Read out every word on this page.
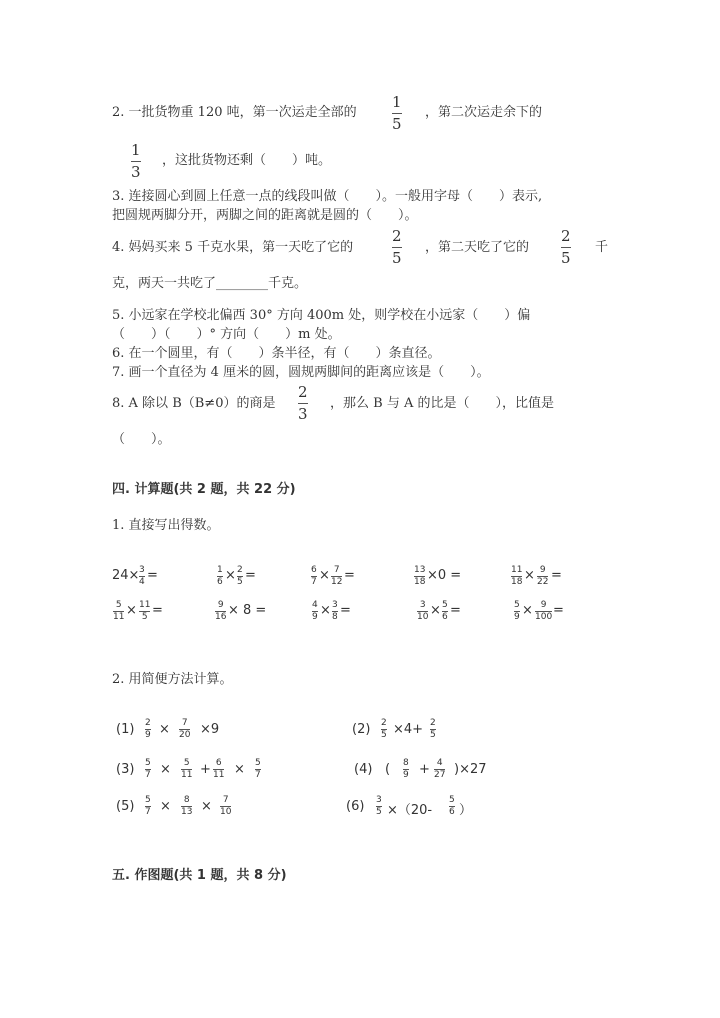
2. 一批货物重 120 吨，第一次运走全部的
1
5
，第二次运走余下的
1
3
，这批货物还剩（　　）吨。
3. 连接圆心到圆上任意一点的线段叫做（　　）。一般用字母（　　）表示,
把圆规两脚分开，两脚之间的距离就是圆的（　　）。
4. 妈妈买来 5 千克水果，第一天吃了它的
2
5
，第二天吃了它的
2
5
千
克，两天一共吃了________千克。
5. 小远家在学校北偏西 30° 方向 400m 处，则学校在小远家（　　）偏
（　　）（　　）° 方向（　　）m 处。
6. 在一个圆里，有（　　）条半径，有（　　）条直径。
7. 画一个直径为 4 厘米的圆，圆规两脚间的距离应该是（　　）。
8. A 除以 B（B≠0）的商是
2
3
，那么 B 与 A 的比是（　　），比值是
（　　）。
四. 计算题(共 2 题，共 22 分)
1. 直接写出得数。
24× 3
4 =	1
6 × 2
5 =	6
7 × 7
12 =	13
18 ×0 =	11
18 × 9
22 =
5
11 × 11
5 =	9
16 × 8 =	4
9 × 3
8 =	3
10 × 5
6 =	5
9 × 9
100 =
2. 用简便方法计算。
(1) 2
9 × 7
20 ×9	(2) 2
5 ×4+ 2
5
(3) 5
7 × 5
11 + 6
11 × 5
7	(4) ( 8
9 + 4
27 )×27
(5) 5
7 × 8
13 × 7
10	(6) 3
5 ×（20-
5
6 ）
五. 作图题(共 1 题，共 8 分)
